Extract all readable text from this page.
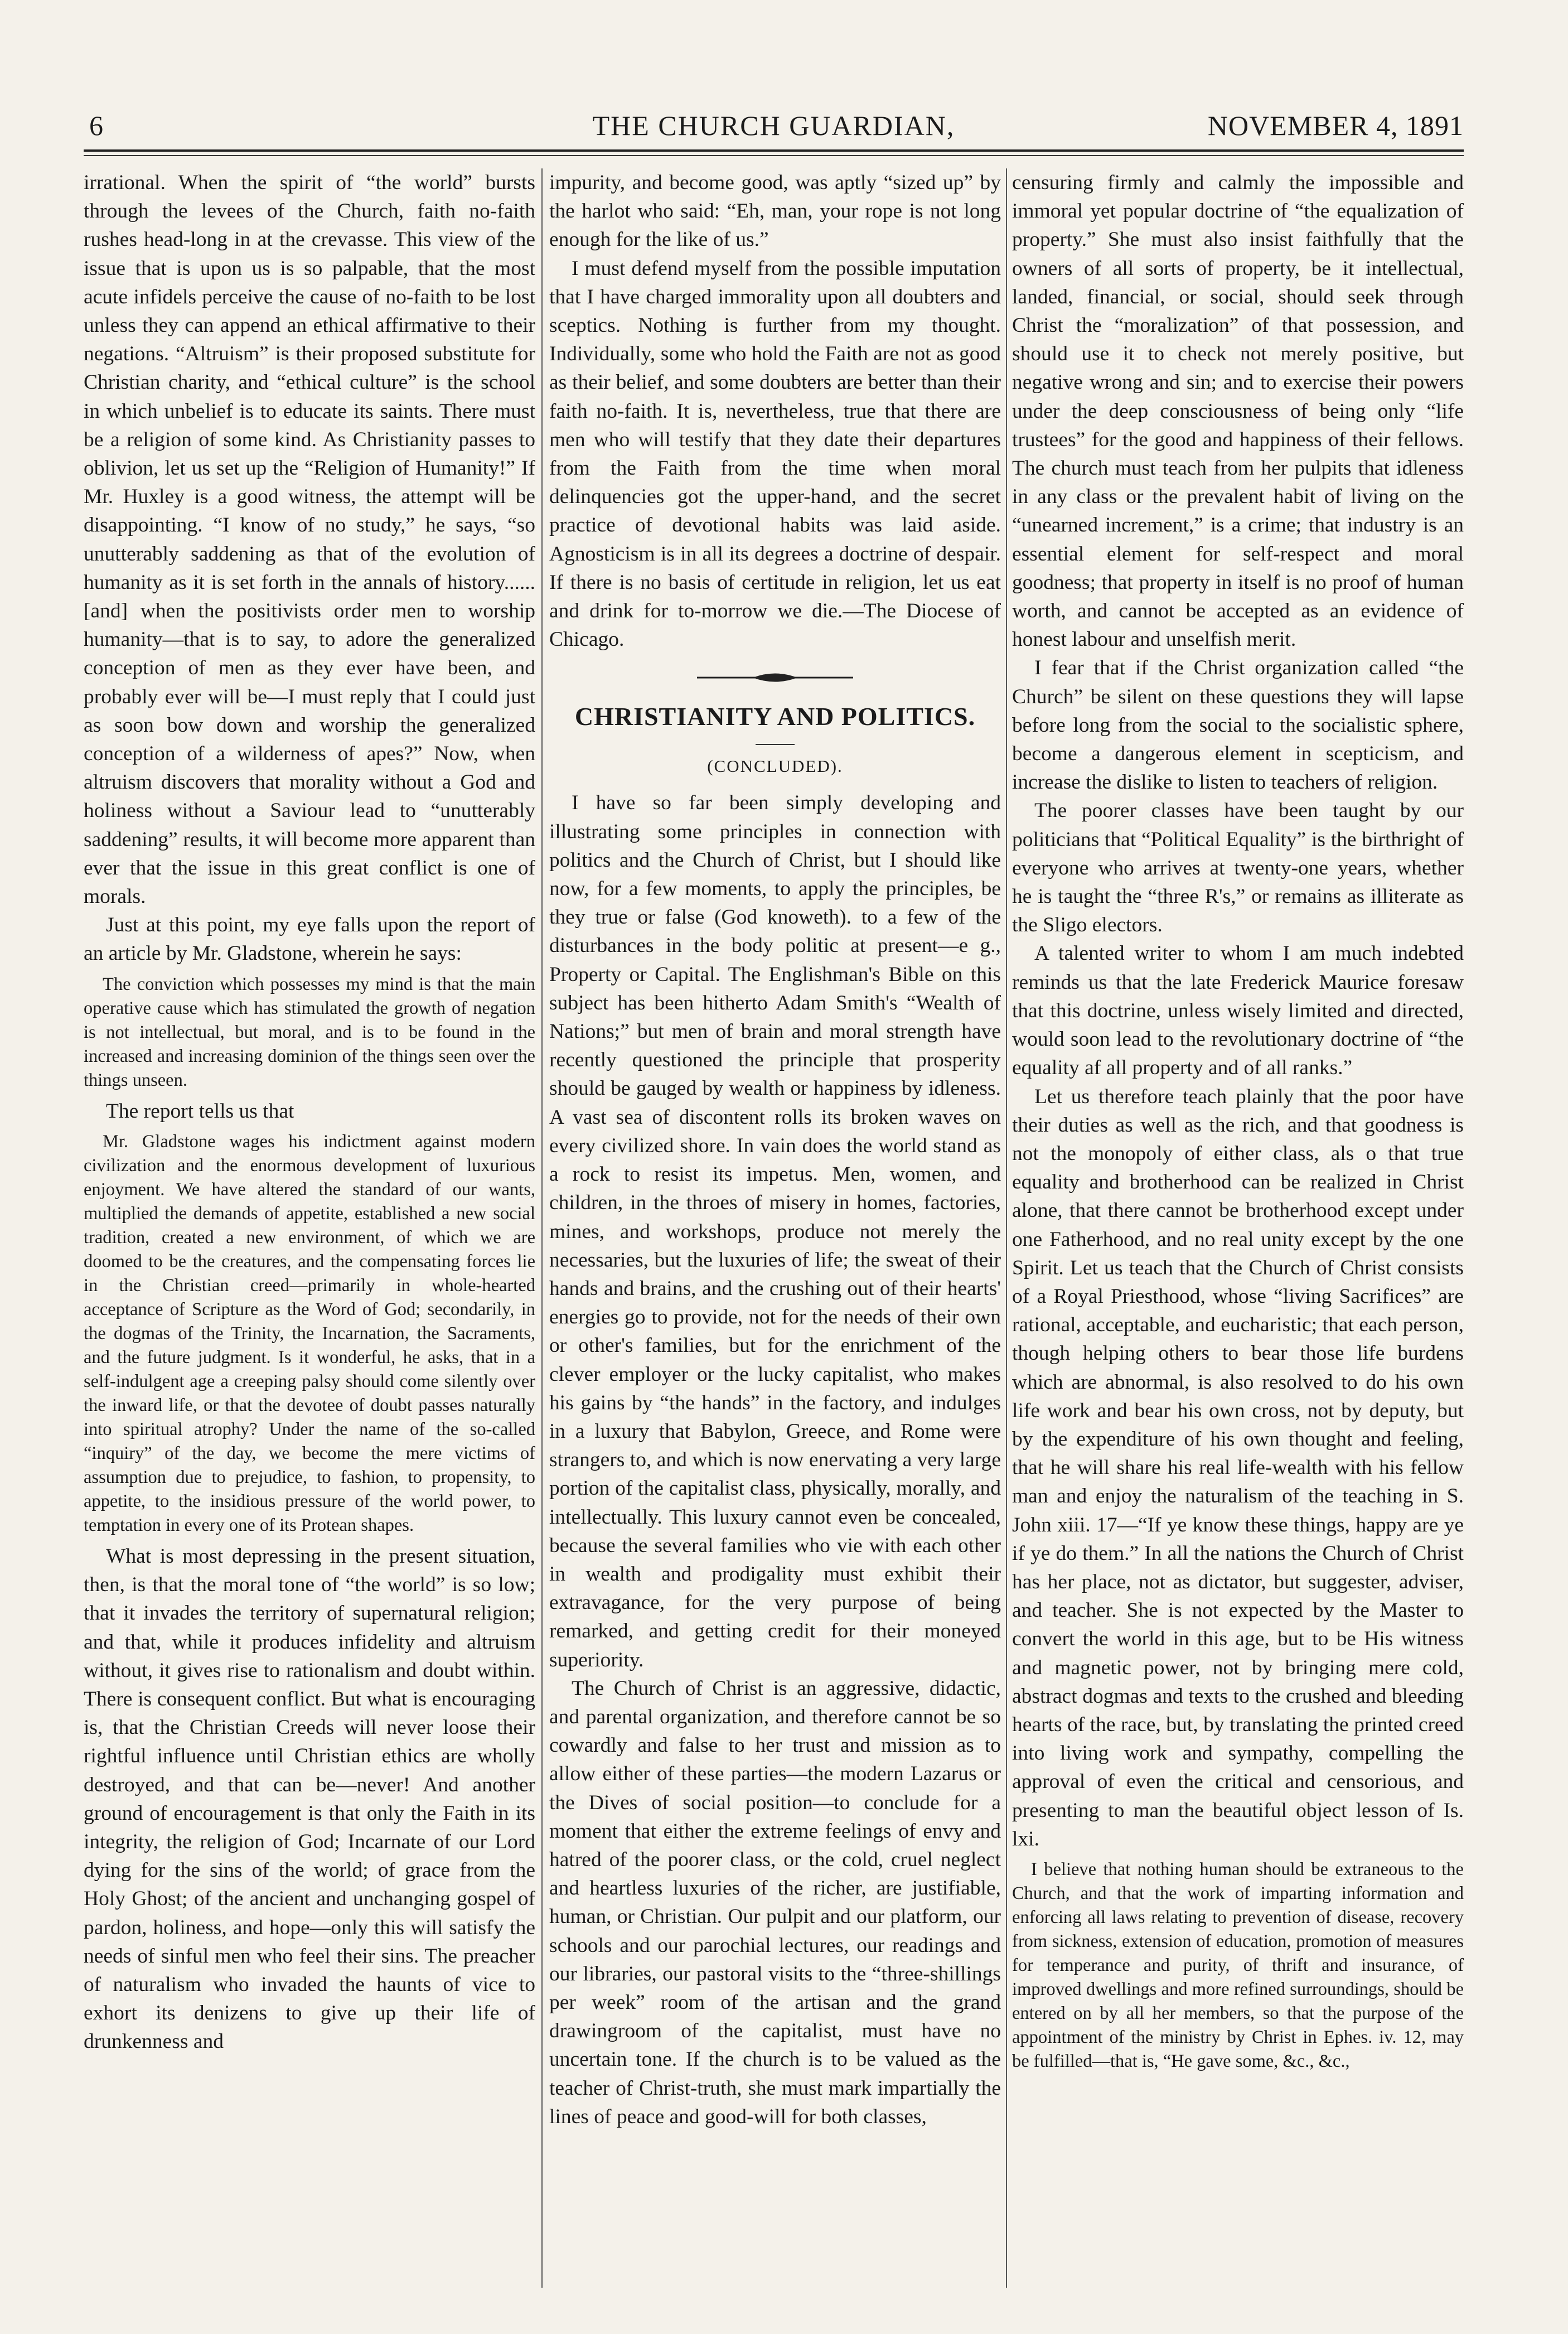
6	THE CHURCH GUARDIAN,	NOVEMBER 4, 1891

irrational. When the spirit of “the world” bursts through the levees of the Church, faith no-faith rushes head-long in at the crevasse. This view of the issue that is upon us is so palpable, that the most acute infidels perceive the cause of no-faith to be lost unless they can append an ethical affirmative to their negations. “Altruism” is their proposed substitute for Christian charity, and “ethical culture” is the school in which unbelief is to educate its saints. There must be a religion of some kind. As Christianity passes to oblivion, let us set up the “Religion of Humanity!” If Mr. Huxley is a good witness, the attempt will be disappointing. “I know of no study,” he says, “so unutterably saddening as that of the evolution of humanity as it is set forth in the annals of history...... [and] when the positivists order men to worship humanity—that is to say, to adore the generalized conception of men as they ever have been, and probably ever will be—I must reply that I could just as soon bow down and worship the generalized conception of a wilderness of apes?” Now, when altruism discovers that morality without a God and holiness without a Saviour lead to “unutterably saddening” results, it will become more apparent than ever that the issue in this great conflict is one of morals.

Just at this point, my eye falls upon the report of an article by Mr. Gladstone, wherein he says:

The conviction which possesses my mind is that the main operative cause which has stimulated the growth of negation is not intellectual, but moral, and is to be found in the increased and increasing dominion of the things seen over the things unseen.

The report tells us that

Mr. Gladstone wages his indictment against modern civilization and the enormous development of luxurious enjoyment. We have altered the standard of our wants, multiplied the demands of appetite, established a new social tradition, created a new environment, of which we are doomed to be the creatures, and the compensating forces lie in the Christian creed—primarily in whole-hearted acceptance of Scripture as the Word of God; secondarily, in the dogmas of the Trinity, the Incarnation, the Sacraments, and the future judgment. Is it wonderful, he asks, that in a self-indulgent age a creeping palsy should come silently over the inward life, or that the devotee of doubt passes naturally into spiritual atrophy? Under the name of the so-called “inquiry” of the day, we become the mere victims of assumption due to prejudice, to fashion, to propensity, to appetite, to the insidious pressure of the world power, to temptation in every one of its Protean shapes.

What is most depressing in the present situation, then, is that the moral tone of “the world” is so low; that it invades the territory of supernatural religion; and that, while it produces infidelity and altruism without, it gives rise to rationalism and doubt within. There is consequent conflict. But what is encouraging is, that the Christian Creeds will never loose their rightful influence until Christian ethics are wholly destroyed, and that can be—never! And another ground of encouragement is that only the Faith in its integrity, the religion of God; Incarnate of our Lord dying for the sins of the world; of grace from the Holy Ghost; of the ancient and unchanging gospel of pardon, holiness, and hope—only this will satisfy the needs of sinful men who feel their sins. The preacher of naturalism who invaded the haunts of vice to exhort its denizens to give up their life of drunkenness and

impurity, and become good, was aptly “sized up” by the harlot who said: “Eh, man, your rope is not long enough for the like of us.”

I must defend myself from the possible imputation that I have charged immorality upon all doubters and sceptics. Nothing is further from my thought. Individually, some who hold the Faith are not as good as their belief, and some doubters are better than their faith no-faith. It is, nevertheless, true that there are men who will testify that they date their departures from the Faith from the time when moral delinquencies got the upper-hand, and the secret practice of devotional habits was laid aside. Agnosticism is in all its degrees a doctrine of despair. If there is no basis of certitude in religion, let us eat and drink for to-morrow we die.—The Diocese of Chicago.

CHRISTIANITY AND POLITICS.
(CONCLUDED).

I have so far been simply developing and illustrating some principles in connection with politics and the Church of Christ, but I should like now, for a few moments, to apply the principles, be they true or false (God knoweth). to a few of the disturbances in the body politic at present—e g., Property or Capital. The Englishman's Bible on this subject has been hitherto Adam Smith's “Wealth of Nations;” but men of brain and moral strength have recently questioned the principle that prosperity should be gauged by wealth or happiness by idleness. A vast sea of discontent rolls its broken waves on every civilized shore. In vain does the world stand as a rock to resist its impetus. Men, women, and children, in the throes of misery in homes, factories, mines, and workshops, produce not merely the necessaries, but the luxuries of life; the sweat of their hands and brains, and the crushing out of their hearts' energies go to provide, not for the needs of their own or other's families, but for the enrichment of the clever employer or the lucky capitalist, who makes his gains by “the hands” in the factory, and indulges in a luxury that Babylon, Greece, and Rome were strangers to, and which is now enervating a very large portion of the capitalist class, physically, morally, and intellectually. This luxury cannot even be concealed, because the several families who vie with each other in wealth and prodigality must exhibit their extravagance, for the very purpose of being remarked, and getting credit for their moneyed superiority.

The Church of Christ is an aggressive, didactic, and parental organization, and therefore cannot be so cowardly and false to her trust and mission as to allow either of these parties—the modern Lazarus or the Dives of social position—to conclude for a moment that either the extreme feelings of envy and hatred of the poorer class, or the cold, cruel neglect and heartless luxuries of the richer, are justifiable, human, or Christian. Our pulpit and our platform, our schools and our parochial lectures, our readings and our libraries, our pastoral visits to the “three-shillings per week” room of the artisan and the grand drawingroom of the capitalist, must have no uncertain tone. If the church is to be valued as the teacher of Christ-truth, she must mark impartially the lines of peace and good-will for both classes,

censuring firmly and calmly the impossible and immoral yet popular doctrine of “the equalization of property.” She must also insist faithfully that the owners of all sorts of property, be it intellectual, landed, financial, or social, should seek through Christ the “moralization” of that possession, and should use it to check not merely positive, but negative wrong and sin; and to exercise their powers under the deep consciousness of being only “life trustees” for the good and happiness of their fellows. The church must teach from her pulpits that idleness in any class or the prevalent habit of living on the “unearned increment,” is a crime; that industry is an essential element for self-respect and moral goodness; that property in itself is no proof of human worth, and cannot be accepted as an evidence of honest labour and unselfish merit.

I fear that if the Christ organization called “the Church” be silent on these questions they will lapse before long from the social to the socialistic sphere, become a dangerous element in scepticism, and increase the dislike to listen to teachers of religion.

The poorer classes have been taught by our politicians that “Political Equality” is the birthright of everyone who arrives at twenty-one years, whether he is taught the “three R's,” or remains as illiterate as the Sligo electors.

A talented writer to whom I am much indebted reminds us that the late Frederick Maurice foresaw that this doctrine, unless wisely limited and directed, would soon lead to the revolutionary doctrine of “the equality af all property and of all ranks.”

Let us therefore teach plainly that the poor have their duties as well as the rich, and that goodness is not the monopoly of either class, als o that true equality and brotherhood can be realized in Christ alone, that there cannot be brotherhood except under one Fatherhood, and no real unity except by the one Spirit. Let us teach that the Church of Christ consists of a Royal Priesthood, whose “living Sacrifices” are rational, acceptable, and eucharistic; that each person, though helping others to bear those life burdens which are abnormal, is also resolved to do his own life work and bear his own cross, not by deputy, but by the expenditure of his own thought and feeling, that he will share his real life-wealth with his fellow man and enjoy the naturalism of the teaching in S. John xiii. 17—“If ye know these things, happy are ye if ye do them.” In all the nations the Church of Christ has her place, not as dictator, but suggester, adviser, and teacher. She is not expected by the Master to convert the world in this age, but to be His witness and magnetic power, not by bringing mere cold, abstract dogmas and texts to the crushed and bleeding hearts of the race, but, by translating the printed creed into living work and sympathy, compelling the approval of even the critical and censorious, and presenting to man the beautiful object lesson of Is. lxi.

I believe that nothing human should be extraneous to the Church, and that the work of imparting information and enforcing all laws relating to prevention of disease, recovery from sickness, extension of education, promotion of measures for temperance and purity, of thrift and insurance, of improved dwellings and more refined surroundings, should be entered on by all her members, so that the purpose of the appointment of the ministry by Christ in Ephes. iv. 12, may be fulfilled—that is, “He gave some, &c., &c.,
